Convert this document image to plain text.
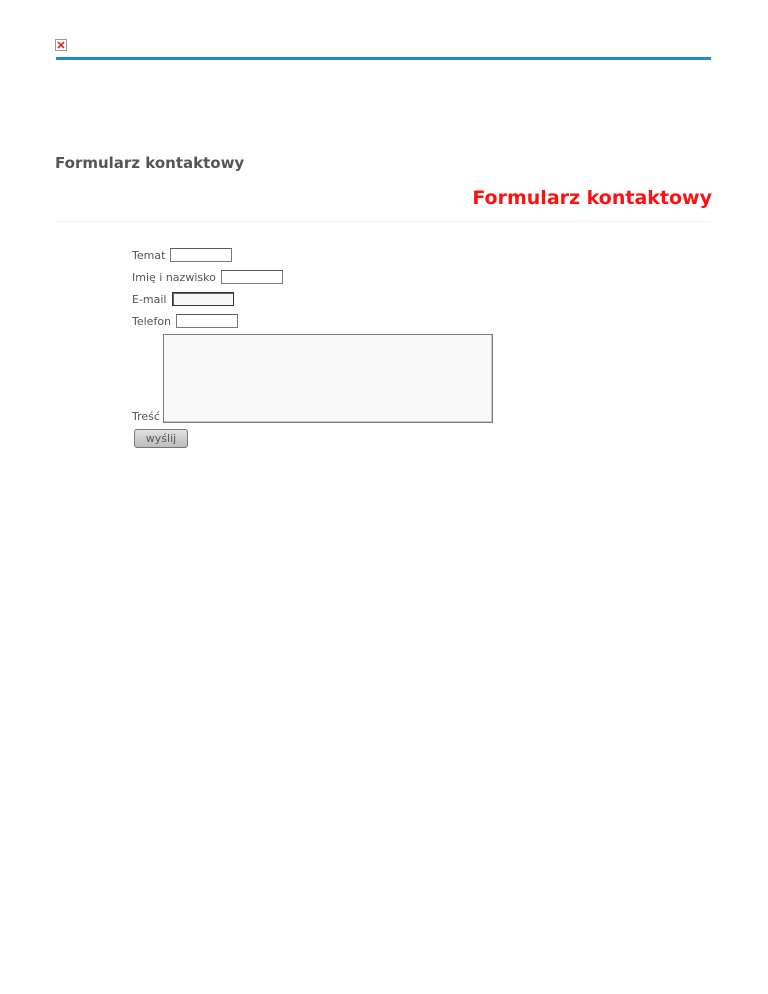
Formularz kontaktowy
Formularz kontaktowy
Temat
Imię i nazwisko
E-mail
Telefon
Treść
wyślij
